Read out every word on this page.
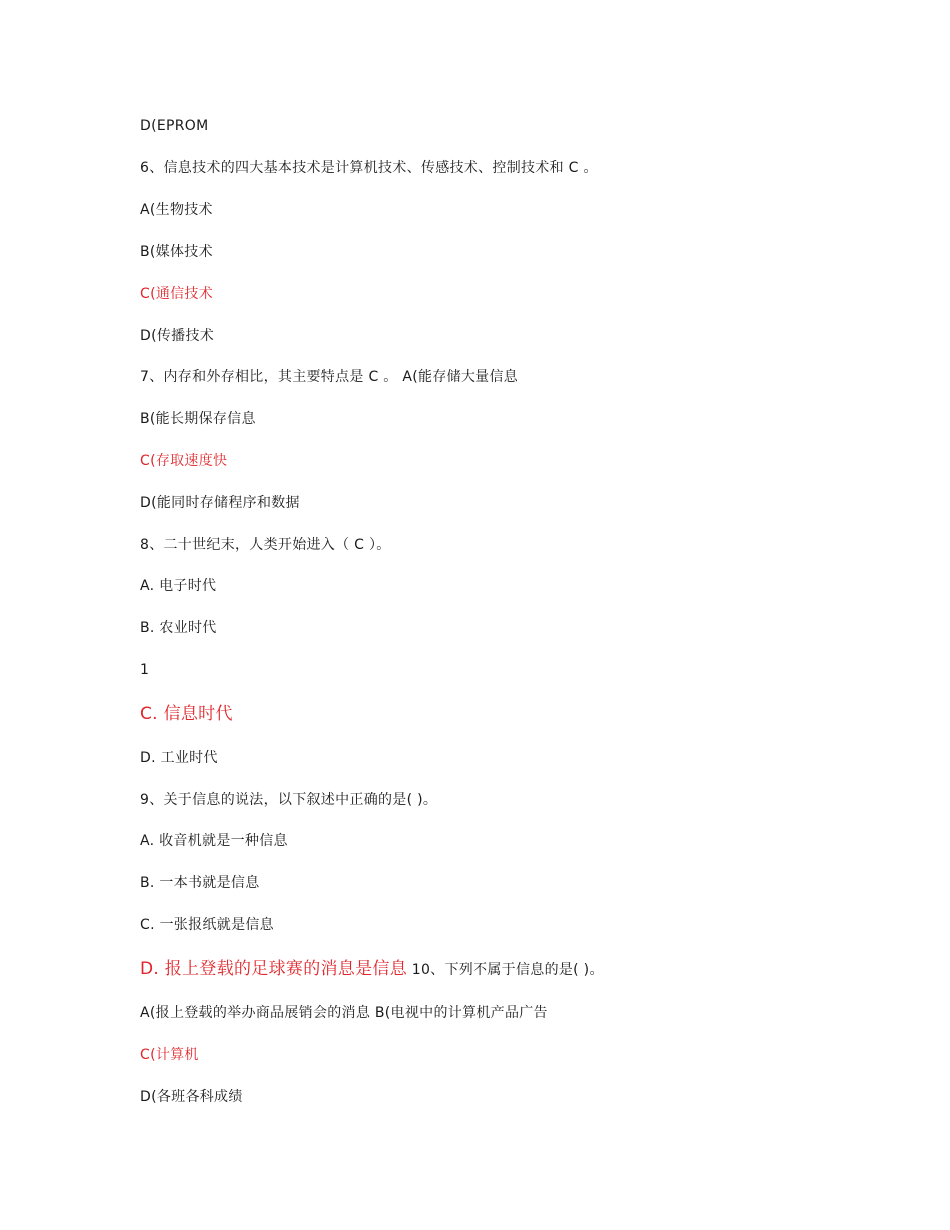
D(EPROM
6、信息技术的四大基本技术是计算机技术、传感技术、控制技术和 C 。
A(生物技术
B(媒体技术
C(通信技术
D(传播技术
7、内存和外存相比，其主要特点是 C 。 A(能存储大量信息
B(能长期保存信息
C(存取速度快
D(能同时存储程序和数据
8、二十世纪末，人类开始进入（ C ）。
A. 电子时代
B. 农业时代
1
C. 信息时代
D. 工业时代
9、关于信息的说法，以下叙述中正确的是( )。
A. 收音机就是一种信息
B. 一本书就是信息
C. 一张报纸就是信息
D. 报上登载的足球赛的消息是信息 10、下列不属于信息的是( )。
A(报上登载的举办商品展销会的消息 B(电视中的计算机产品广告
C(计算机
D(各班各科成绩
